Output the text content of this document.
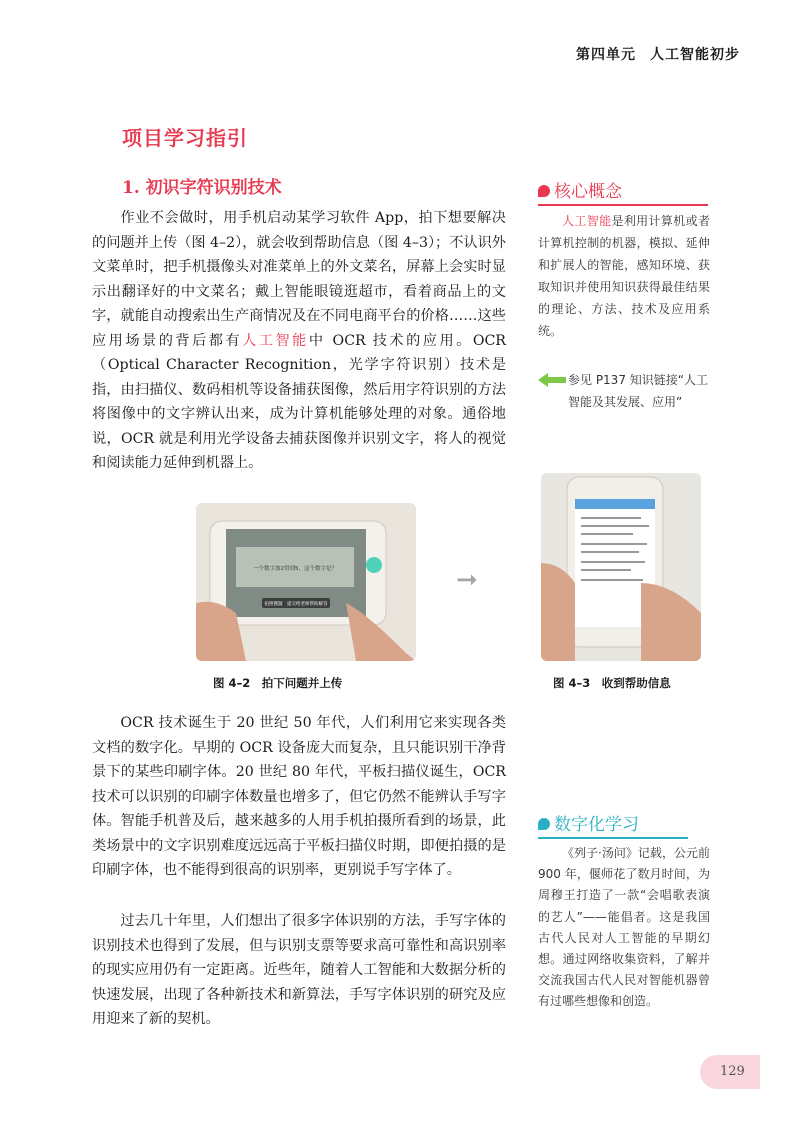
第四单元 人工智能初步
项目学习指引
1. 初识字符识别技术

作业不会做时，用手机启动某学习软件 App，拍下想要解决的问题并上传（图 4–2），就会收到帮助信息（图 4–3）；不认识外文菜单时，把手机摄像头对准菜单上的外文菜名，屏幕上会实时显示出翻译好的中文菜名；戴上智能眼镜逛超市，看着商品上的文字，就能自动搜索出生产商情况及在不同电商平台的价格……这些应用场景的背后都有人工智能中 OCR 技术的应用。OCR（Optical Character Recognition，光学字符识别）技术是指，由扫描仪、数码相机等设备捕获图像，然后用字符识别的方法将图像中的文字辨认出来，成为计算机能够处理的对象。通俗地说，OCR 就是利用光学设备去捕获图像并识别文字，将人的视觉和阅读能力延伸到机器上。

一个数字加2得到5，这个数字是？
拍照搜题　提交给老师帮助解答
图 4–2　拍下问题并上传
➞
图 4–3　收到帮助信息

OCR 技术诞生于 20 世纪 50 年代，人们利用它来实现各类文档的数字化。早期的 OCR 设备庞大而复杂，且只能识别干净背景下的某些印刷字体。20 世纪 80 年代，平板扫描仪诞生，OCR 技术可以识别的印刷字体数量也增多了，但它仍然不能辨认手写字体。智能手机普及后，越来越多的人用手机拍摄所看到的场景，此类场景中的文字识别难度远远高于平板扫描仪时期，即便拍摄的是印刷字体，也不能得到很高的识别率，更别说手写字体了。

过去几十年里，人们想出了很多字体识别的方法，手写字体的识别技术也得到了发展，但与识别支票等要求高可靠性和高识别率的现实应用仍有一定距离。近些年，随着人工智能和大数据分析的快速发展，出现了各种新技术和新算法，手写字体识别的研究及应用迎来了新的契机。

核心概念

人工智能是利用计算机或者计算机控制的机器，模拟、延伸和扩展人的智能，感知环境、获取知识并使用知识获得最佳结果的理论、方法、技术及应用系统。

参见 P137 知识链接“人工智能及其发展、应用”
数字化学习

《列子·汤问》记载，公元前 900 年，偃师花了数月时间，为周穆王打造了一款“会唱歌表演的艺人”——能倡者。这是我国古代人民对人工智能的早期幻想。通过网络收集资料，了解并交流我国古代人民对智能机器曾有过哪些想像和创造。

129
